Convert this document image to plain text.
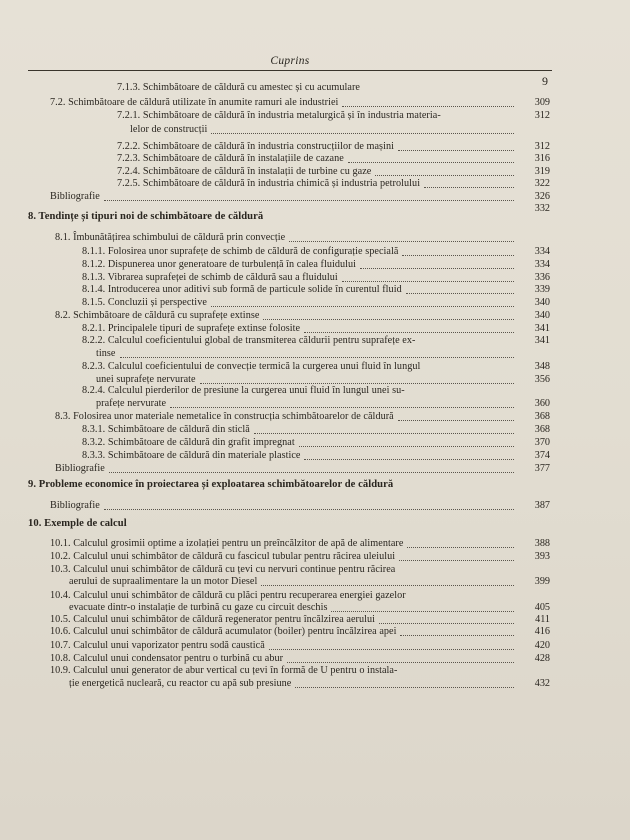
Cuprins
9
7.1.3. Schimbătoare de căldură cu amestec și cu acumulare
7.2. Schimbătoare de căldură utilizate în anumite ramuri ale industriei	309
7.2.1. Schimbătoare de căldură în industria metalurgică și în industria materia-	312
lelor de construcții
7.2.2. Schimbătoare de căldură în industria construcțiilor de mașini	312
7.2.3. Schimbătoare de căldură în instalațiile de cazane	316
7.2.4. Schimbătoare de căldură în instalații de turbine cu gaze	319
7.2.5. Schimbătoare de căldură în industria chimică și industria petrolului	322
Bibliografie	326
332
8. Tendințe și tipuri noi de schimbătoare de căldură
8.1. Îmbunătățirea schimbului de căldură prin convecție
8.1.1. Folosirea unor suprafețe de schimb de căldură de configurație specială	334
8.1.2. Dispunerea unor generatoare de turbulență în calea fluidului	334
8.1.3. Vibrarea suprafeței de schimb de căldură sau a fluidului	336
8.1.4. Introducerea unor aditivi sub formă de particule solide în curentul fluid	339
8.1.5. Concluzii și perspective	340
8.2. Schimbătoare de căldură cu suprafețe extinse	340
8.2.1. Principalele tipuri de suprafețe extinse folosite	341
8.2.2. Calculul coeficientului global de transmiterea căldurii pentru suprafețe ex-	341
tinse
8.2.3. Calculul coeficientului de convecție termică la curgerea unui fluid în lungul	348
unei suprafețe nervurate	356
8.2.4. Calculul pierderilor de presiune la curgerea unui fluid în lungul unei su-
prafețe nervurate	360
8.3. Folosirea unor materiale nemetalice în construcția schimbătoarelor de căldură	368
8.3.1. Schimbătoare de căldură din sticlă	368
8.3.2. Schimbătoare de căldură din grafit impregnat	370
8.3.3. Schimbătoare de căldură din materiale plastice	374
Bibliografie	377
9. Probleme economice în proiectarea și exploatarea schimbătoarelor de căldură
Bibliografie	387
10. Exemple de calcul
10.1. Calculul grosimii optime a izolației pentru un preîncălzitor de apă de alimentare	388
10.2. Calculul unui schimbător de căldură cu fascicul tubular pentru răcirea uleiului	393
10.3. Calculul unui schimbător de căldură cu țevi cu nervuri continue pentru răcirea
aerului de supraalimentare la un motor Diesel	399
10.4. Calculul unui schimbător de căldură cu plăci pentru recuperarea energiei gazelor
evacuate dintr-o instalație de turbină cu gaze cu circuit deschis	405
10.5. Calculul unui schimbător de căldură regenerator pentru încălzirea aerului	411
10.6. Calculul unui schimbător de căldură acumulator (boiler) pentru încălzirea apei	416
10.7. Calculul unui vaporizator pentru sodă caustică	420
10.8. Calculul unui condensator pentru o turbină cu abur	428
10.9. Calculul unui generator de abur vertical cu țevi în formă de U pentru o instala-
ție energetică nucleară, cu reactor cu apă sub presiune	432
